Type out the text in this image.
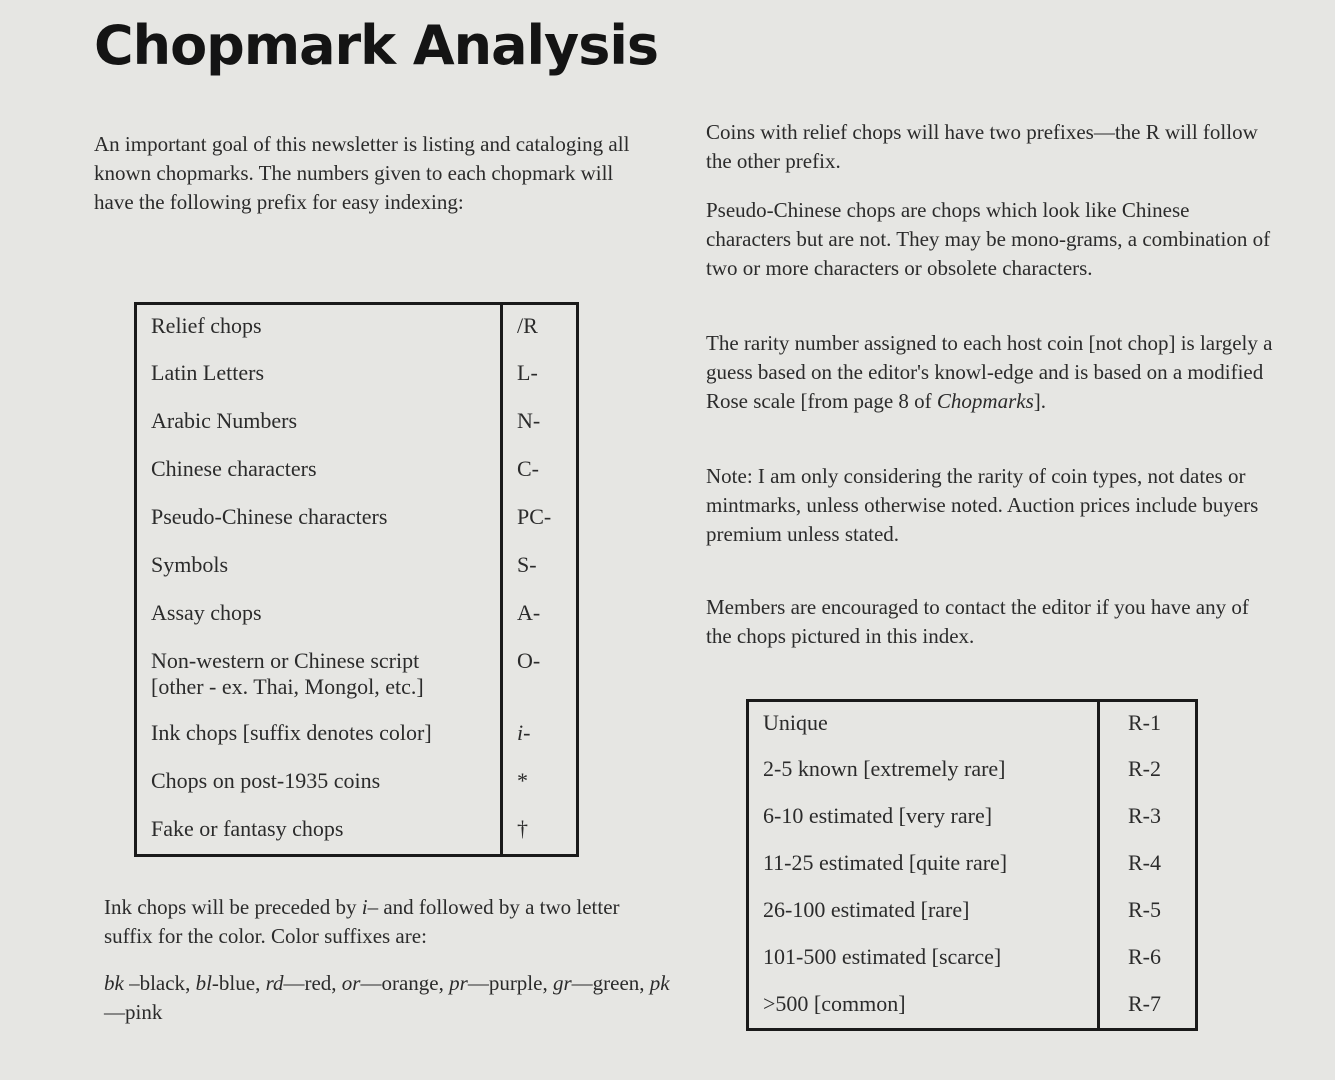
Chopmark Analysis

An important goal of this newsletter is listing and cataloging all known chopmarks. The numbers given to each chopmark will have the following prefix for easy indexing:

Relief chops	/R
Latin Letters	L-
Arabic Numbers	N-
Chinese characters	C-
Pseudo-Chinese characters	PC-
Symbols	S-
Assay chops	A-
Non-western or Chinese script
[other - ex. Thai, Mongol, etc.]	O-
Ink chops [suffix denotes color]	i-
Chops on post-1935 coins	*
Fake or fantasy chops	†

Ink chops will be preceded by i– and followed by a two letter suffix for the color. Color suffixes are:

bk –black, bl-blue, rd—red, or—orange, pr—purple, gr—green, pk—pink

Coins with relief chops will have two prefixes—the R will follow the other prefix.

Pseudo-Chinese chops are chops which look like Chinese characters but are not. They may be mono-grams, a combination of two or more characters or obsolete characters.

The rarity number assigned to each host coin [not chop] is largely a guess based on the editor's knowl-edge and is based on a modified Rose scale [from page 8 of Chopmarks].

Note: I am only considering the rarity of coin types, not dates or mintmarks, unless otherwise noted. Auction prices include buyers premium unless stated.

Members are encouraged to contact the editor if you have any of the chops pictured in this index.

Unique	R-1
2-5 known [extremely rare]	R-2
6-10 estimated [very rare]	R-3
11-25 estimated [quite rare]	R-4
26-100 estimated [rare]	R-5
101-500 estimated [scarce]	R-6
>500 [common]	R-7
